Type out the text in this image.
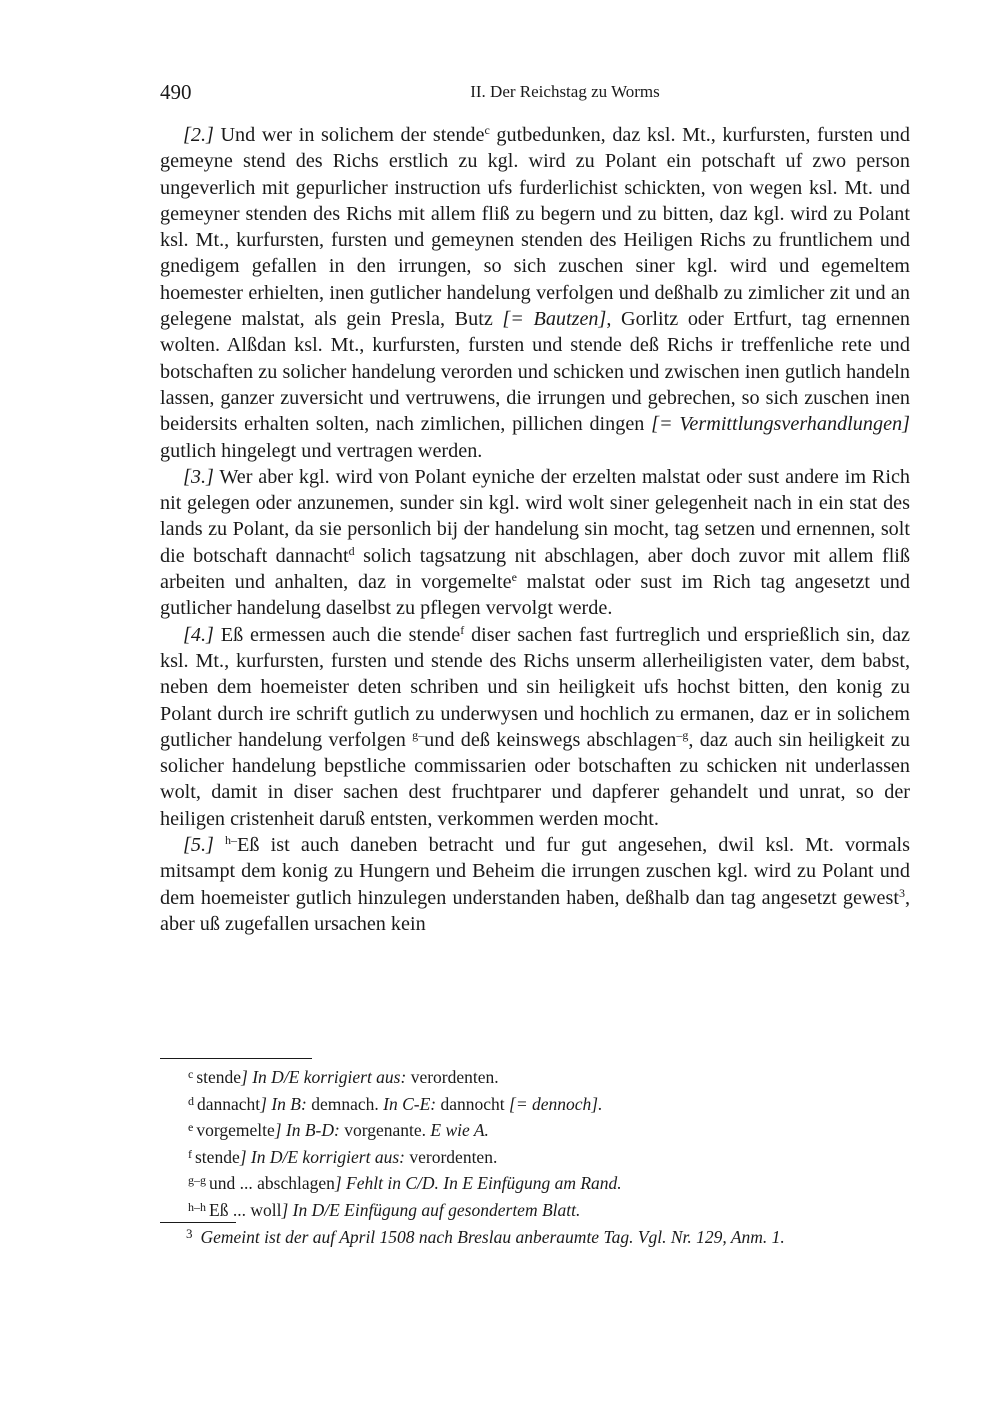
490	II. Der Reichstag zu Worms

[2.] Und wer in solichem der stende$^c$ gutbedunken, daz ksl. Mt., kurfursten, fursten und gemeyne stend des Richs erstlich zu kgl. wird zu Polant ein potschaft uf zwo person ungeverlich mit gepurlicher instruction ufs furderlichist schickten, von wegen ksl. Mt. und gemeyner stenden des Richs mit allem fliß zu begern und zu bitten, daz kgl. wird zu Polant ksl. Mt., kurfursten, fursten und gemeynen stenden des Heiligen Richs zu fruntlichem und gnedigem gefallen in den irrungen, so sich zuschen siner kgl. wird und egemeltem hoemester erhielten, inen gutlicher handelung verfolgen und deßhalb zu zimlicher zit und an gelegene malstat, als gein Presla, Butz [= Bautzen], Gorlitz oder Ertfurt, tag ernennen wolten. Alßdan ksl. Mt., kurfursten, fursten und stende deß Richs ir treffenliche rete und botschaften zu solicher handelung verorden und schicken und zwischen inen gutlich handeln lassen, ganzer zuversicht und vertruwens, die irrungen und gebrechen, so sich zuschen inen beidersits erhalten solten, nach zimlichen, pillichen dingen [= Vermittlungsverhandlungen] gutlich hingelegt und vertragen werden.

[3.] Wer aber kgl. wird von Polant eyniche der erzelten malstat oder sust andere im Rich nit gelegen oder anzunemen, sunder sin kgl. wird wolt siner gelegenheit nach in ein stat des lands zu Polant, da sie personlich bij der handelung sin mocht, tag setzen und ernennen, solt die botschaft dannacht$^d$ solich tagsatzung nit abschlagen, aber doch zuvor mit allem fliß arbeiten und anhalten, daz in vorgemelte$^e$ malstat oder sust im Rich tag angesetzt und gutlicher handelung daselbst zu pflegen vervolgt werde.

[4.] Eß ermessen auch die stende$^f$ diser sachen fast furtreglich und ersprießlich sin, daz ksl. Mt., kurfursten, fursten und stende des Richs unserm allerheiligisten vater, dem babst, neben dem hoemeister deten schriben und sin heiligkeit ufs hochst bitten, den konig zu Polant durch ire schrift gutlich zu underwysen und hochlich zu ermanen, daz er in solichem gutlicher handelung verfolgen $^{g-}$und deß keinswegs abschlagen$^{-g}$, daz auch sin heiligkeit zu solicher handelung bepstliche commissarien oder botschaften zu schicken nit underlassen wolt, damit in diser sachen dest fruchtparer und dapferer gehandelt und unrat, so der heiligen cristenheit daruß entsten, verkommen werden mocht.

[5.] $^{h-}$Eß ist auch daneben betracht und fur gut angesehen, dwil ksl. Mt. vormals mitsampt dem konig zu Hungern und Beheim die irrungen zuschen kgl. wird zu Polant und dem hoemeister gutlich hinzulegen understanden haben, deßhalb dan tag angesetzt gewest$^3$, aber uß zugefallen ursachen kein

$^c$ stende] In D/E korrigiert aus: verordenten.
$^d$ dannacht] In B: demnach. In C-E: dannocht [= dennoch].
$^e$ vorgemelte] In B-D: vorgenante. E wie A.
$^f$ stende] In D/E korrigiert aus: verordenten.
$^{g-g}$ und ... abschlagen] Fehlt in C/D. In E Einfügung am Rand.
$^{h-h}$ Eß ... woll] In D/E Einfügung auf gesondertem Blatt.
$^3$ Gemeint ist der auf April 1508 nach Breslau anberaumte Tag. Vgl. Nr. 129, Anm. 1.
